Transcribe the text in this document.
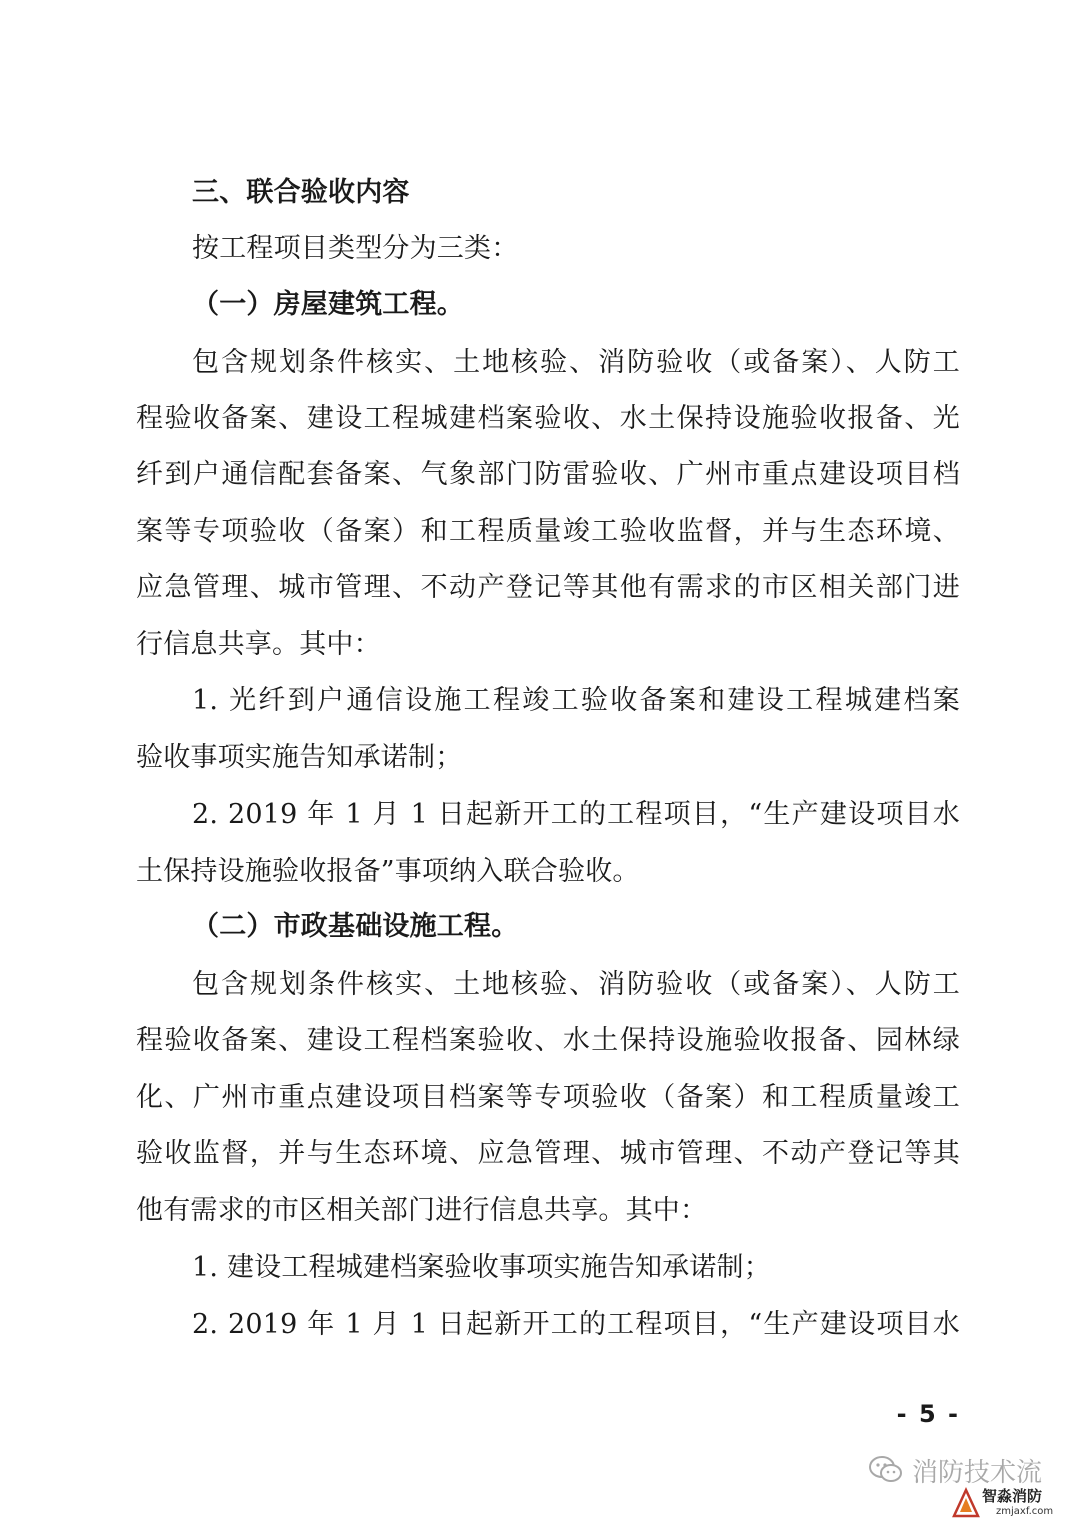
三、联合验收内容
按工程项目类型分为三类：
（一）房屋建筑工程。
包含规划条件核实、土地核验、消防验收（或备案）、人防工
程验收备案、建设工程城建档案验收、水土保持设施验收报备、光
纤到户通信配套备案、气象部门防雷验收、广州市重点建设项目档
案等专项验收（备案）和工程质量竣工验收监督，并与生态环境、
应急管理、城市管理、不动产登记等其他有需求的市区相关部门进
行信息共享。其中：
1. 光纤到户通信设施工程竣工验收备案和建设工程城建档案
验收事项实施告知承诺制；
2. 2019 年 1 月 1 日起新开工的工程项目，“生产建设项目水
土保持设施验收报备”事项纳入联合验收。
（二）市政基础设施工程。
包含规划条件核实、土地核验、消防验收（或备案）、人防工
程验收备案、建设工程档案验收、水土保持设施验收报备、园林绿
化、广州市重点建设项目档案等专项验收（备案）和工程质量竣工
验收监督，并与生态环境、应急管理、城市管理、不动产登记等其
他有需求的市区相关部门进行信息共享。其中：
1. 建设工程城建档案验收事项实施告知承诺制；
2. 2019 年 1 月 1 日起新开工的工程项目，“生产建设项目水
- 5 -
消防技术流
智淼消防
zmjaxf.com
